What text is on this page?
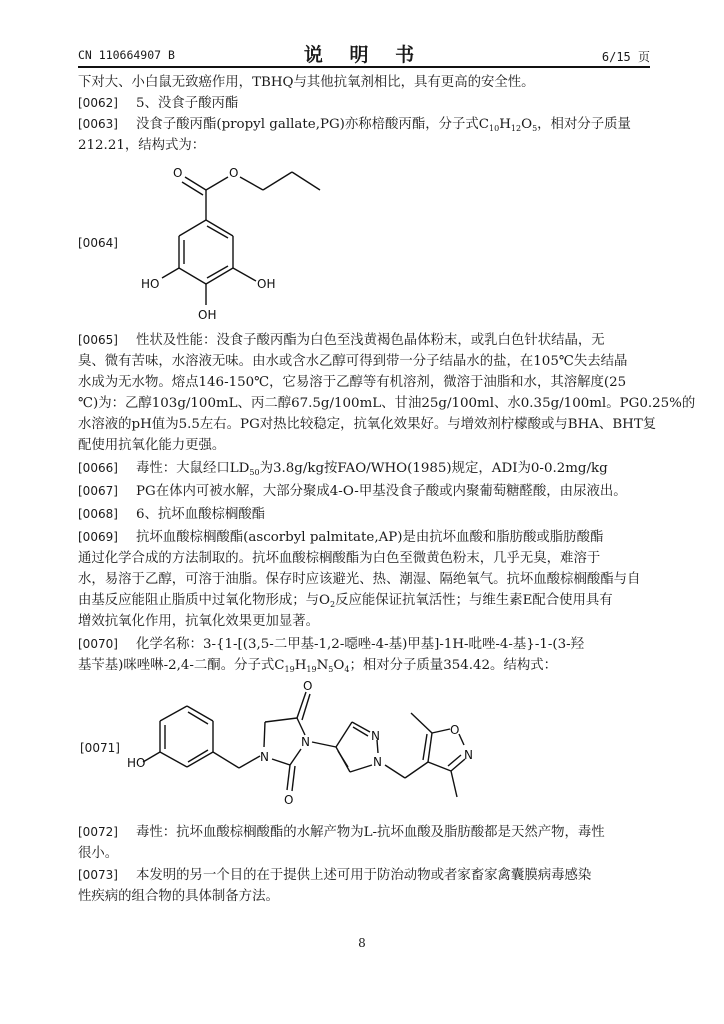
CN 110664907 B	说 明 书	6/15 页
下对大、小白鼠无致癌作用，TBHQ与其他抗氧剂相比，具有更高的安全性。
[0062] 5、没食子酸丙酯
[0063] 没食子酸丙酯(propyl gallate,PG)亦称棓酸丙酯，分子式$C_{10}H_{12}O_5$，相对分子质量
212.21，结构式为：
[0064]
O	O
OH
OH
HO
[0065] 性状及性能：没食子酸丙酯为白色至浅黄褐色晶体粉末，或乳白色针状结晶，无
臭、微有苦味，水溶液无味。由水或含水乙醇可得到带一分子结晶水的盐，在105℃失去结晶
水成为无水物。熔点146-150℃，它易溶于乙醇等有机溶剂，微溶于油脂和水，其溶解度(25
℃)为：乙醇103g/100mL、丙二醇67.5g/100mL、甘油25g/100ml、水0.35g/100ml。PG0.25%的
水溶液的pH值为5.5左右。PG对热比较稳定，抗氧化效果好。与增效剂柠檬酸或与BHA、BHT复
配使用抗氧化能力更强。
[0066] 毒性：大鼠经口$LD_{50}$为3.8g/kg按FAO/WHO(1985)规定，ADI为0-0.2mg/kg
[0067] PG在体内可被水解，大部分聚成4-O-甲基没食子酸或内聚葡萄糖醛酸，由尿液出。
[0068] 6、抗坏血酸棕榈酸酯
[0069] 抗坏血酸棕榈酸酯(ascorbyl palmitate,AP)是由抗坏血酸和脂肪酸或脂肪酸酯
通过化学合成的方法制取的。抗坏血酸棕榈酸酯为白色至微黄色粉末，几乎无臭，难溶于
水，易溶于乙醇，可溶于油脂。保存时应该避光、热、潮湿、隔绝氧气。抗坏血酸棕榈酸酯与自
由基反应能阻止脂质中过氧化物形成；与$O_2$反应能保证抗氧活性；与维生素E配合使用具有
增效抗氧化作用，抗氧化效果更加显著。
[0070] 化学名称：3-{1-[(3,5-二甲基-1,2-噁唑-4-基)甲基]-1H-吡唑-4-基}-1-(3-羟
基苄基)咪唑啉-2,4-二酮。分子式$C_{19}H_{19}N_5O_4$；相对分子质量354.42。结构式：
[0071]
HO	N
N
O
O
N
N
O
N
[0072] 毒性：抗坏血酸棕榈酸酯的水解产物为L-抗坏血酸及脂肪酸都是天然产物，毒性
很小。
[0073] 本发明的另一个目的在于提供上述可用于防治动物或者家畜家禽囊膜病毒感染
性疾病的组合物的具体制备方法。
8
